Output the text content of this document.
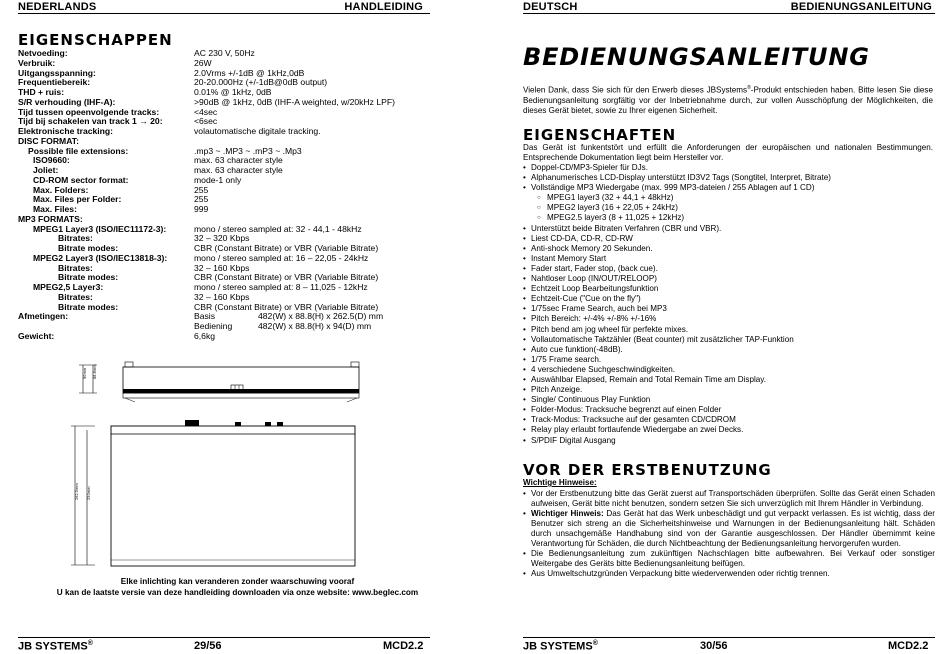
NEDERLANDS	HANDLEIDING
EIGENSCHAPPEN
Netvoeding:	AC 230 V, 50Hz
Verbruik:	26W
Uitgangsspanning:	2.0Vrms +/-1dB @ 1kHz,0dB
Frequentiebereik:	20-20.000Hz (+/-1dB@0dB output)
THD + ruis:	0.01% @ 1kHz, 0dB
S/R verhouding (IHF-A):	>90dB @ 1kHz, 0dB (IHF-A weighted, w/20kHz LPF)
Tijd tussen opeenvolgende tracks:	<4sec
Tijd bij schakelen van track 1 → 20:	<6sec
Elektronische tracking:	volautomatische digitale tracking.
DISC FORMAT:
Possible file extensions:	.mp3 ~ .MP3 ~ .mP3 ~ .Mp3
ISO9660:	max. 63 character style
Joliet:	max. 63 character style
CD-ROM sector format:	mode-1 only
Max. Folders:	255
Max. Files per Folder:	255
Max. Files:	999
MP3 FORMATS:
MPEG1 Layer3 (ISO/IEC11172-3):	mono / stereo sampled at: 32 - 44,1 - 48kHz
Bitrates:	32 – 320 Kbps
Bitrate modes:	CBR (Constant Bitrate) or VBR (Variable Bitrate)
MPEG2 Layer3 (ISO/IEC13818-3):	mono / stereo sampled at: 16 – 22,05 - 24kHz
Bitrates:	32 – 160 Kbps
Bitrate modes:	CBR (Constant Bitrate) or VBR (Variable Bitrate)
MPEG2,5 Layer3:	mono / stereo sampled at: 8 – 11,025 - 12kHz
Bitrates:	32 – 160 Kbps
Bitrate modes:	CBR (Constant Bitrate) or VBR (Variable Bitrate)
Afmetingen:	Basis	482(W) x 88.8(H) x 262.5(D) mm
Bediening	482(W) x 88.8(H) x 94(D) mm
Gewicht:	6,6kg
90mm 88.8mm
262.5mm 250mm
Elke inlichting kan veranderen zonder waarschuwing vooraf
U kan de laatste versie van deze handleiding downloaden via onze website: www.beglec.com
JB SYSTEMS®	29/56	MCD2.2
DEUTSCH	BEDIENUNGSANLEITUNG
BEDIENUNGSANLEITUNG
Vielen Dank, dass Sie sich für den Erwerb dieses JBSystems®-Produkt entschieden haben. Bitte lesen Sie diese Bedienungsanleitung sorgfältig vor der Inbetriebnahme durch, zur vollen Ausschöpfung der Möglichkeiten, die dieses Gerät bietet, sowie zu Ihrer eigenen Sicherheit.
EIGENSCHAFTEN
Das Gerät ist funkentstört und erfüllt die Anforderungen der europäischen und nationalen Bestimmungen. Entsprechende Dokumentation liegt beim Hersteller vor.
• Doppel-CD/MP3-Spieler für DJs.
• Alphanumerisches LCD-Display unterstützt ID3V2 Tags (Songtitel, Interpret, Bitrate)
• Vollständige MP3 Wiedergabe (max. 999 MP3-dateien / 255 Ablagen auf 1 CD)
○ MPEG1 layer3 (32 + 44,1 + 48kHz)
○ MPEG2 layer3 (16 + 22,05 + 24kHz)
○ MPEG2.5 layer3 (8 + 11,025 + 12kHz)
• Unterstützt beide Bitraten Verfahren (CBR und VBR).
• Liest CD-DA, CD-R, CD-RW
• Anti-shock Memory 20 Sekunden.
• Instant Memory Start
• Fader start, Fader stop, (back cue).
• Nahtloser Loop (IN/OUT/RELOOP)
• Echtzeit Loop Bearbeitungsfunktion
• Echtzeit-Cue ("Cue on the fly")
• 1/75sec Frame Search, auch bei MP3
• Pitch Bereich: +/-4% +/-8% +/-16%
• Pitch bend am jog wheel für perfekte mixes.
• Vollautomatische Taktzähler (Beat counter) mit zusätzlicher TAP-Funktion
• Auto cue funktion(-48dB).
• 1/75 Frame search.
• 4 verschiedene Suchgeschwindigkeiten.
• Auswählbar Elapsed, Remain and Total Remain Time am Display.
• Pitch Anzeige.
• Single/ Continuous Play Funktion
• Folder-Modus: Tracksuche begrenzt auf einen Folder
• Track-Modus: Tracksuche auf der gesamten CD/CDROM
• Relay play erlaubt fortlaufende Wiedergabe an zwei Decks.
• S/PDIF Digital Ausgang
VOR DER ERSTBENUTZUNG
Wichtige Hinweise:
• Vor der Erstbenutzung bitte das Gerät zuerst auf Transportschäden überprüfen. Sollte das Gerät einen Schaden aufweisen, Gerät bitte nicht benutzen, sondern setzen Sie sich unverzüglich mit Ihrem Händler in Verbindung.
• Wichtiger Hinweis: Das Gerät hat das Werk unbeschädigt und gut verpackt verlassen. Es ist wichtig, dass der Benutzer sich streng an die Sicherheitshinweise und Warnungen in der Bedienungsanleitung hält. Schäden durch unsachgemäße Handhabung sind von der Garantie ausgeschlossen. Der Händler übernimmt keine Verantwortung für Schäden, die durch Nichtbeachtung der Bedienungsanleitung hervorgerufen wurden.
• Die Bedienungsanleitung zum zukünftigen Nachschlagen bitte aufbewahren. Bei Verkauf oder sonstiger Weitergabe des Geräts bitte Bedienungsanleitung beifügen.
• Aus Umweltschutzgründen Verpackung bitte wiederverwenden oder richtig trennen.
JB SYSTEMS®	30/56	MCD2.2
